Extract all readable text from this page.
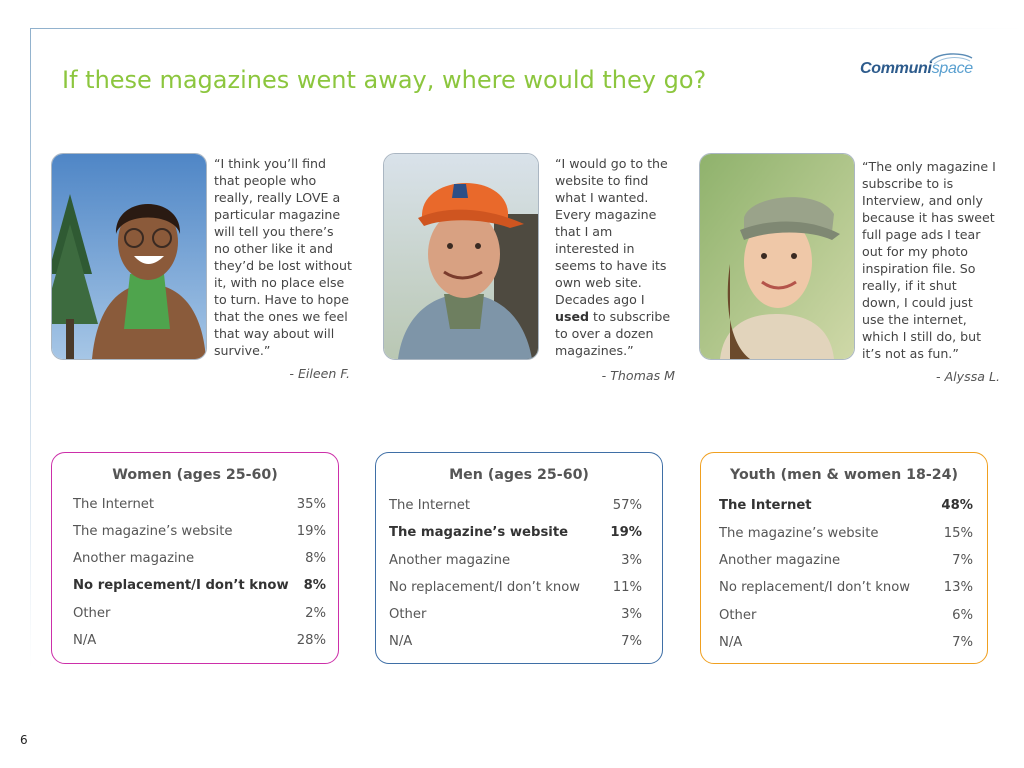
If these magazines went away, where would they go?	Communispace

“I think you’ll find

that people who

really, really LOVE a

particular magazine

will tell you there’s

no other like it and

they’d be lost without

it, with no place else

to turn. Have to hope

that the ones we feel

that way about will

survive.”

- Eileen F.

“I would go to the

website to find

what I wanted.

Every magazine

that I am

interested in

seems to have its

own web site.

Decades ago I

used to subscribe

to over a dozen

magazines.”

- Thomas M

“The only magazine I

subscribe to is

Interview, and only

because it has sweet

full page ads I tear

out for my photo

inspiration file. So

really, if it shut

down, I could just

use the internet,

which I still do, but

it’s not as fun.”

- Alyssa L.
Women (ages 25-60)
The Internet	35%
The magazine’s website	19%
Another magazine	8%
No replacement/I don’t know 8%
Other	2%
N/A	28%
Men (ages 25-60)
The Internet	57%
The magazine’s website	19%
Another magazine	3%
No replacement/I don’t know 11%
Other	3%
N/A	7%
Youth (men & women 18-24)
The Internet	48%
The magazine’s website	15%
Another magazine	7%
No replacement/I don’t know	13%
Other	6%
N/A	7%
6
